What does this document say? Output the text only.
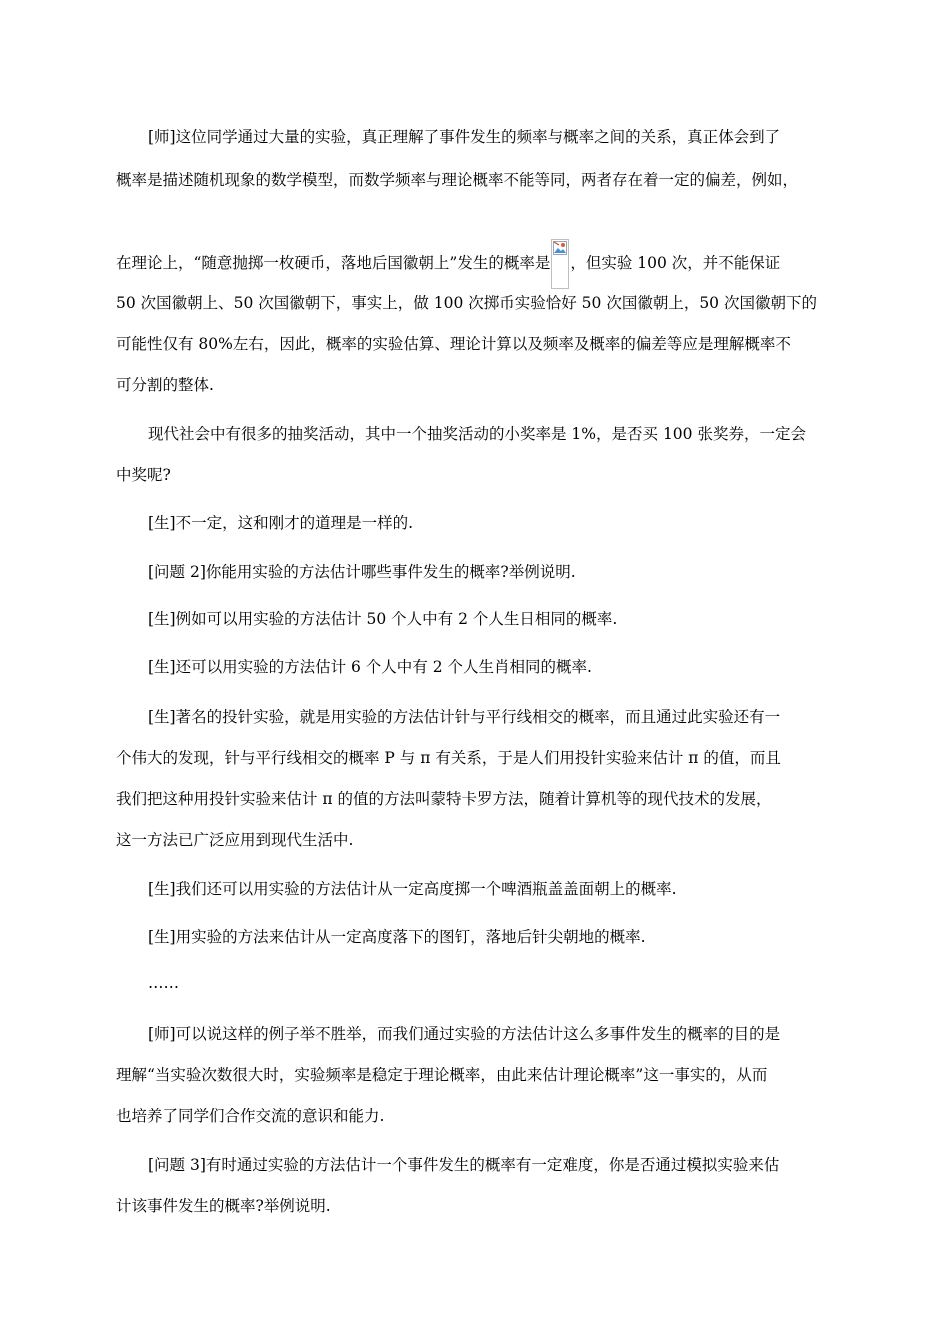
[师]这位同学通过大量的实验，真正理解了事件发生的频率与概率之间的关系，真正体会到了
概率是描述随机现象的数学模型，而数学频率与理论概率不能等同，两者存在着一定的偏差，例如，
在理论上，“随意抛掷一枚硬币，落地后国徽朝上”发生的概率是 ，但实验 100 次，并不能保证
50 次国徽朝上、50 次国徽朝下，事实上，做 100 次掷币实验恰好 50 次国徽朝上，50 次国徽朝下的
可能性仅有 80%左右，因此，概率的实验估算、理论计算以及频率及概率的偏差等应是理解概率不
可分割的整体.
现代社会中有很多的抽奖活动，其中一个抽奖活动的小奖率是 1%，是否买 100 张奖券，一定会
中奖呢?
[生]不一定，这和刚才的道理是一样的.
[问题 2]你能用实验的方法估计哪些事件发生的概率?举例说明.
[生]例如可以用实验的方法估计 50 个人中有 2 个人生日相同的概率.
[生]还可以用实验的方法估计 6 个人中有 2 个人生肖相同的概率.
[生]著名的投针实验，就是用实验的方法估计针与平行线相交的概率，而且通过此实验还有一
个伟大的发现，针与平行线相交的概率 P 与 π 有关系，于是人们用投针实验来估计 π 的值，而且
我们把这种用投针实验来估计 π 的值的方法叫蒙特卡罗方法，随着计算机等的现代技术的发展，
这一方法已广泛应用到现代生活中.
[生]我们还可以用实验的方法估计从一定高度掷一个啤酒瓶盖盖面朝上的概率.
[生]用实验的方法来估计从一定高度落下的图钉，落地后针尖朝地的概率.
……
[师]可以说这样的例子举不胜举，而我们通过实验的方法估计这么多事件发生的概率的目的是
理解“当实验次数很大时，实验频率是稳定于理论概率，由此来估计理论概率”这一事实的，从而
也培养了同学们合作交流的意识和能力.
[问题 3]有时通过实验的方法估计一个事件发生的概率有一定难度，你是否通过模拟实验来估
计该事件发生的概率?举例说明.
